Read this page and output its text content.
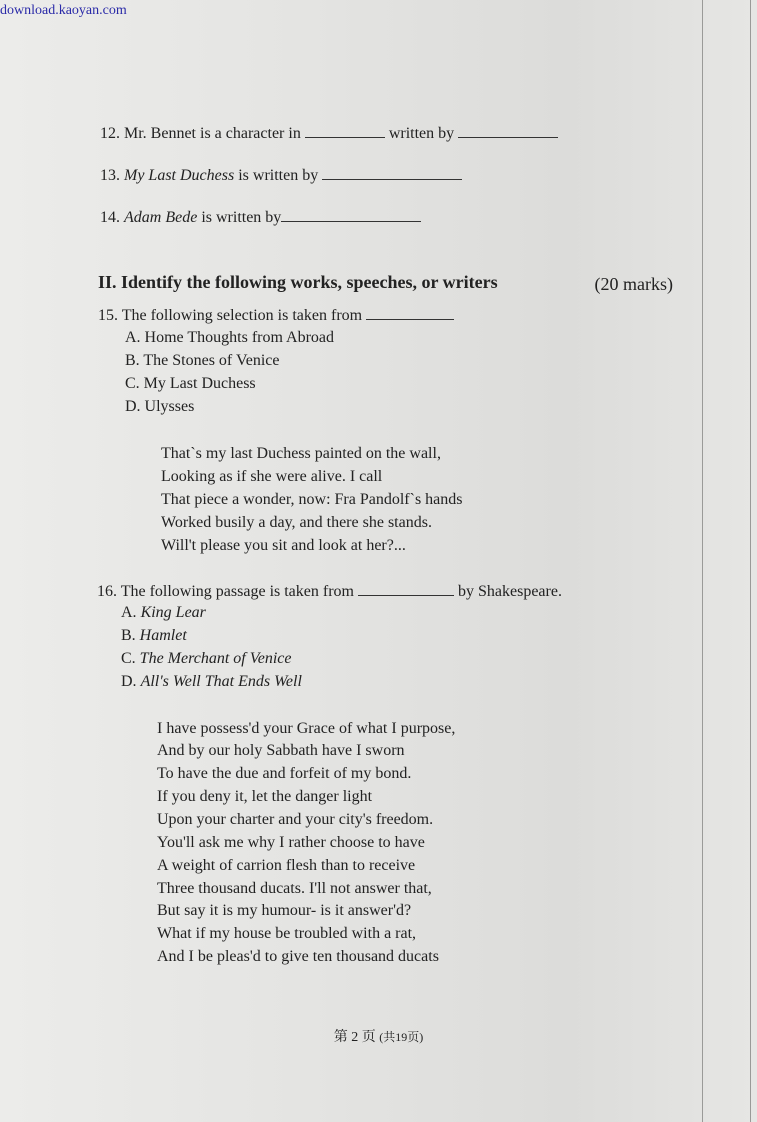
download.kaoyan.com
12. Mr. Bennet is a character in	written by
13. My Last Duchess is written by
14. Adam Bede is written by
II. Identify the following works, speeches, or writers	(20 marks)
15. The following selection is taken from
A. Home Thoughts from Abroad
B. The Stones of Venice
C. My Last Duchess
D. Ulysses
That`s my last Duchess painted on the wall,
Looking as if she were alive. I call
That piece a wonder, now: Fra Pandolf`s hands
Worked busily a day, and there she stands.
Will't please you sit and look at her?...
16. The following passage is taken from	by Shakespeare.
A. King Lear
B. Hamlet
C. The Merchant of Venice
D. All's Well That Ends Well
I have possess'd your Grace of what I purpose,
And by our holy Sabbath have I sworn
To have the due and forfeit of my bond.
If you deny it, let the danger light
Upon your charter and your city's freedom.
You'll ask me why I rather choose to have
A weight of carrion flesh than to receive
Three thousand ducats. I'll not answer that,
But say it is my humour- is it answer'd?
What if my house be troubled with a rat,
And I be pleas'd to give ten thousand ducats
第 2 页 (共19页)
